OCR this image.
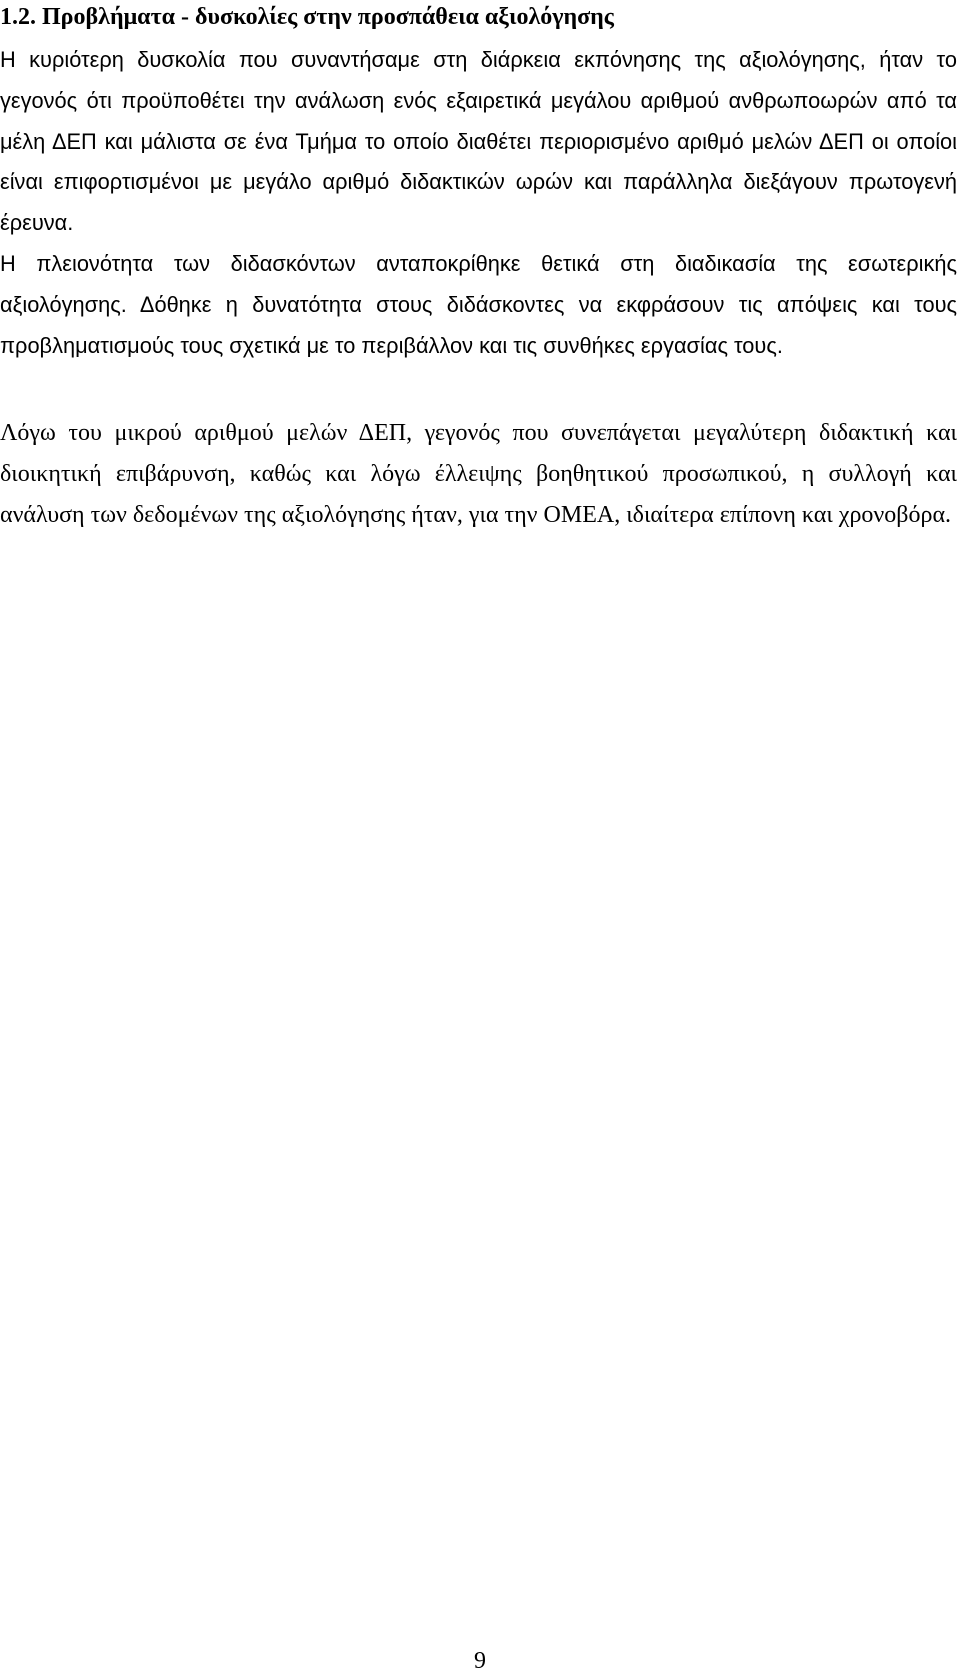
1.2. Προβλήματα - δυσκολίες στην προσπάθεια αξιολόγησης

Η κυριότερη δυσκολία που συναντήσαμε στη διάρκεια εκπόνησης της αξιολόγησης, ήταν το γεγονός ότι προϋποθέτει την ανάλωση ενός εξαιρετικά μεγάλου αριθμού ανθρωποωρών από τα μέλη ΔΕΠ και μάλιστα σε ένα Τμήμα το οποίο διαθέτει περιορισμένο αριθμό μελών ΔΕΠ οι οποίοι είναι επιφορτισμένοι με μεγάλο αριθμό διδακτικών ωρών και παράλληλα διεξάγουν πρωτογενή έρευνα.

Η πλειονότητα των διδασκόντων ανταποκρίθηκε θετικά στη διαδικασία της εσωτερικής αξιολόγησης. Δόθηκε η δυνατότητα στους διδάσκοντες να εκφράσουν τις απόψεις και τους προβληματισμούς τους σχετικά με το περιβάλλον και τις συνθήκες εργασίας τους.

Λόγω του μικρού αριθμού μελών ΔΕΠ, γεγονός που συνεπάγεται μεγαλύτερη διδακτική και διοικητική επιβάρυνση, καθώς και λόγω έλλειψης βοηθητικού προσωπικού, η συλλογή και ανάλυση των δεδομένων της αξιολόγησης ήταν, για την ΟΜΕΑ, ιδιαίτερα επίπονη και χρονοβόρα.

9
